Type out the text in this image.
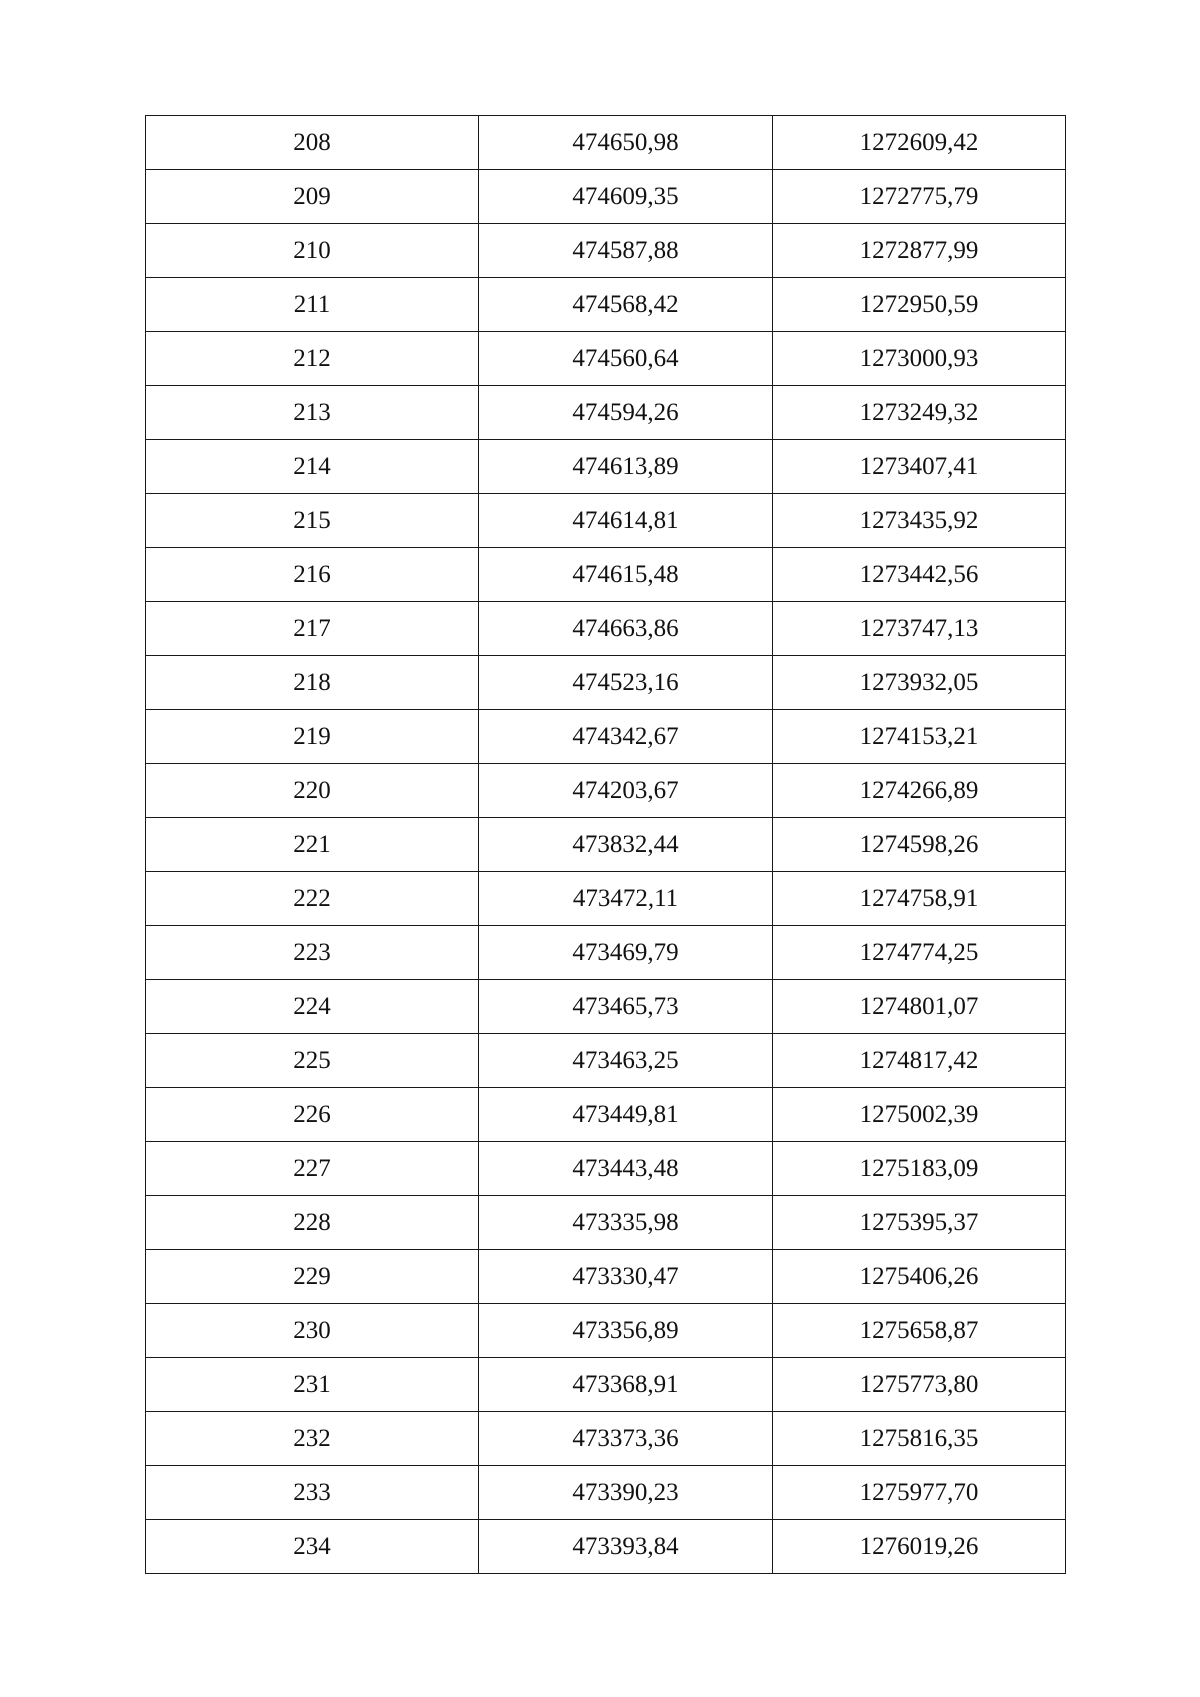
208	474650,98	1272609,42
209	474609,35	1272775,79
210	474587,88	1272877,99
211	474568,42	1272950,59
212	474560,64	1273000,93
213	474594,26	1273249,32
214	474613,89	1273407,41
215	474614,81	1273435,92
216	474615,48	1273442,56
217	474663,86	1273747,13
218	474523,16	1273932,05
219	474342,67	1274153,21
220	474203,67	1274266,89
221	473832,44	1274598,26
222	473472,11	1274758,91
223	473469,79	1274774,25
224	473465,73	1274801,07
225	473463,25	1274817,42
226	473449,81	1275002,39
227	473443,48	1275183,09
228	473335,98	1275395,37
229	473330,47	1275406,26
230	473356,89	1275658,87
231	473368,91	1275773,80
232	473373,36	1275816,35
233	473390,23	1275977,70
234	473393,84	1276019,26
